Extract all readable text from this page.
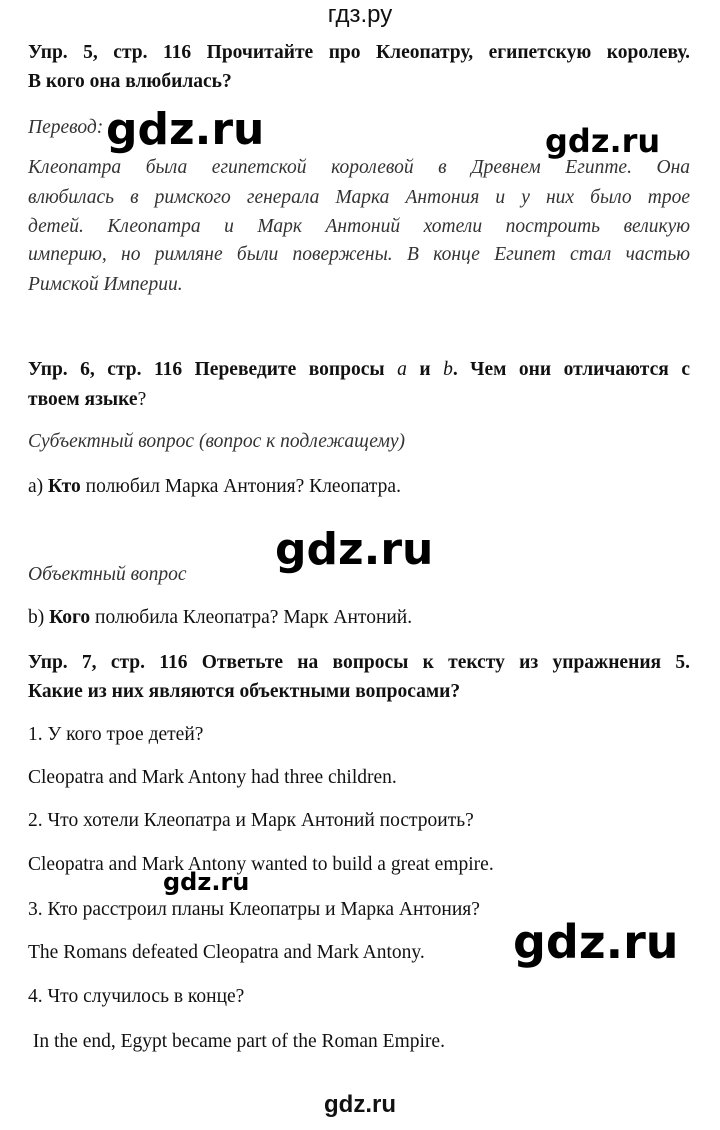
гдз.ру
Упр. 5, стр. 116 Прочитайте про Клеопатру, египетскую королеву.
В кого она влюбилась?
Перевод: gdz.ru	gdz.ru
Клеопатра была египетской королевой в Древнем Египте. Она
влюбилась в римского генерала Марка Антония и у них было трое
детей. Клеопатра и Марк Антоний хотели построить великую
империю, но римляне были повержены. В конце Египет стал частью
Римской Империи.
Упр. 6, стр. 116 Переведите вопросы a и b. Чем они отличаются с
твоем языке?
Субъектный вопрос (вопрос к подлежащему)
a) Кто полюбил Марка Антония? Клеопатра.
gdz.ru
Объектный вопрос
b) Кого полюбила Клеопатра? Марк Антоний.
Упр. 7, стр. 116 Ответьте на вопросы к тексту из упражнения 5.
Какие из них являются объектными вопросами?
1. У кого трое детей?
Cleopatra and Mark Antony had three children.
2. Что хотели Клеопатра и Марк Антоний построить?
Cleopatra and Mark Antony wanted to build a great empire.
gdz.ru
3. Кто расстроил планы Клеопатры и Марка Антония?
The Romans defeated Cleopatra and Mark Antony. gdz.ru
4. Что случилось в конце?
In the end, Egypt became part of the Roman Empire.
gdz.ru
